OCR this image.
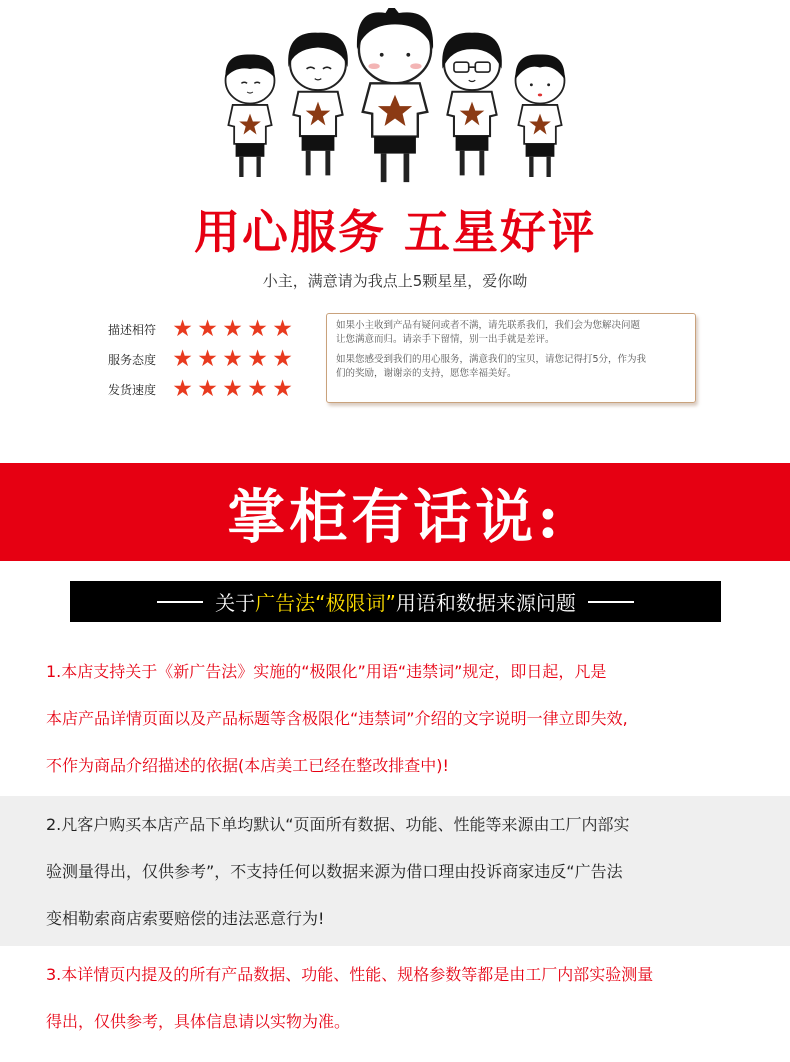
用心服务 五星好评
小主，满意请为我点上5颗星星，爱你呦
描述相符 ★ ★ ★ ★ ★
服务态度 ★ ★ ★ ★ ★
发货速度 ★ ★ ★ ★ ★

如果小主收到产品有疑问或者不满，请先联系我们，我们会为您解决问题
让您满意而归。请亲手下留情，别一出手就是差评。

如果您感受到我们的用心服务，满意我们的宝贝，请您记得打5分，作为我
们的奖励，谢谢亲的支持，愿您幸福美好。

掌柜有话说:
关于广告法“极限词”用语和数据来源问题
1.本店支持关于《新广告法》实施的“极限化”用语“违禁词”规定，即日起，凡是
本店产品详情页面以及产品标题等含极限化“违禁词”介绍的文字说明一律立即失效,
不作为商品介绍描述的依据(本店美工已经在整改排查中)!
2.凡客户购买本店产品下单均默认“页面所有数据、功能、性能等来源由工厂内部实
验测量得出，仅供参考”，不支持任何以数据来源为借口理由投诉商家违反“广告法
变相勒索商店索要赔偿的违法恶意行为!
3.本详情页内提及的所有产品数据、功能、性能、规格参数等都是由工厂内部实验测量
得出，仅供参考，具体信息请以实物为准。
